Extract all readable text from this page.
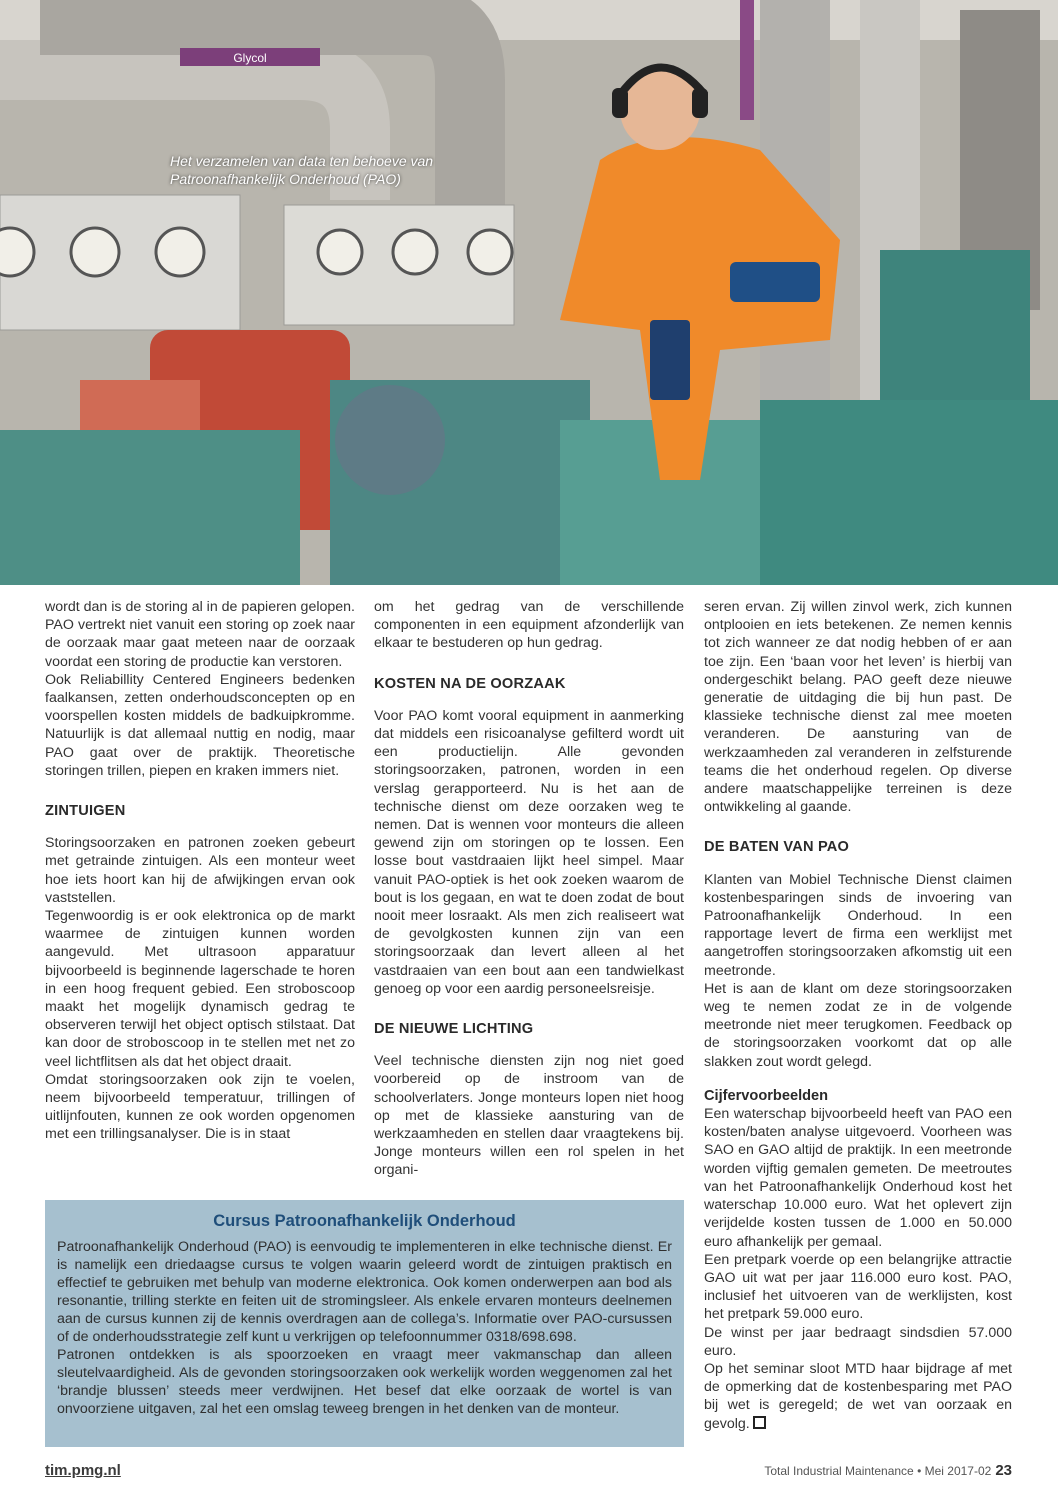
Glycol
Het verzamelen van data ten behoeve van
Patroonafhankelijk Onderhoud (PAO)

wordt dan is de storing al in de papieren gelopen. PAO vertrekt niet vanuit een storing op zoek naar de oorzaak maar gaat meteen naar de oorzaak voordat een storing de productie kan verstoren.

Ook Reliabillity Centered Engineers bedenken faalkansen, zetten onderhoudsconcepten op en voorspellen kosten middels de badkuipkromme. Natuurlijk is dat allemaal nuttig en nodig, maar PAO gaat over de praktijk. Theoretische storingen trillen, piepen en kraken immers niet.

ZINTUIGEN

Storingsoorzaken en patronen zoeken gebeurt met getrainde zintuigen. Als een monteur weet hoe iets hoort kan hij de afwijkingen ervan ook vaststellen.

Tegenwoordig is er ook elektronica op de markt waarmee de zintuigen kunnen worden aangevuld. Met ultrasoon apparatuur bijvoorbeeld is beginnende lagerschade te horen in een hoog frequent gebied. Een stroboscoop maakt het mogelijk dynamisch gedrag te observeren terwijl het object optisch stilstaat. Dat kan door de stroboscoop in te stellen met net zo veel lichtflitsen als dat het object draait.

Omdat storingsoorzaken ook zijn te voelen, neem bijvoorbeeld temperatuur, trillingen of uitlijnfouten, kunnen ze ook worden opgenomen met een trillingsanalyser. Die is in staat

om het gedrag van de verschillende componenten in een equipment afzonderlijk van elkaar te bestuderen op hun gedrag.

KOSTEN NA DE OORZAAK

Voor PAO komt vooral equipment in aanmerking dat middels een risicoanalyse gefilterd wordt uit een productielijn. Alle gevonden storingsoorzaken, patronen, worden in een verslag gerapporteerd. Nu is het aan de technische dienst om deze oorzaken weg te nemen. Dat is wennen voor monteurs die alleen gewend zijn om storingen op te lossen. Een losse bout vastdraaien lijkt heel simpel. Maar vanuit PAO-optiek is het ook zoeken waarom de bout is los gegaan, en wat te doen zodat de bout nooit meer losraakt. Als men zich realiseert wat de gevolgkosten kunnen zijn van een storingsoorzaak dan levert alleen al het vastdraaien van een bout aan een tandwielkast genoeg op voor een aardig personeelsreisje.

DE NIEUWE LICHTING

Veel technische diensten zijn nog niet goed voorbereid op de instroom van de schoolverlaters. Jonge monteurs lopen niet hoog op met de klassieke aansturing van de werkzaamheden en stellen daar vraagtekens bij. Jonge monteurs willen een rol spelen in het organi-

seren ervan. Zij willen zinvol werk, zich kunnen ontplooien en iets betekenen. Ze nemen kennis tot zich wanneer ze dat nodig hebben of er aan toe zijn. Een ‘baan voor het leven’ is hierbij van ondergeschikt belang. PAO geeft deze nieuwe generatie de uitdaging die bij hun past. De klassieke technische dienst zal mee moeten veranderen. De aansturing van de werkzaamheden zal veranderen in zelfsturende teams die het onderhoud regelen. Op diverse andere maatschappelijke terreinen is deze ontwikkeling al gaande.

DE BATEN VAN PAO

Klanten van Mobiel Technische Dienst claimen kostenbesparingen sinds de invoering van Patroonafhankelijk Onderhoud. In een rapportage levert de firma een werklijst met aangetroffen storingsoorzaken afkomstig uit een meetronde.

Het is aan de klant om deze storingsoorzaken weg te nemen zodat ze in de volgende meetronde niet meer terugkomen. Feedback op de storingsoorzaken voorkomt dat op alle slakken zout wordt gelegd.

Cijfervoorbeelden

Een waterschap bijvoorbeeld heeft van PAO een kosten/baten analyse uitgevoerd. Voorheen was SAO en GAO altijd de praktijk. In een meetronde worden vijftig gemalen gemeten. De meetroutes van het Patroonafhankelijk Onderhoud kost het waterschap 10.000 euro. Wat het oplevert zijn verijdelde kosten tussen de 1.000 en 50.000 euro afhankelijk per gemaal.

Een pretpark voerde op een belangrijke attractie GAO uit wat per jaar 116.000 euro kost. PAO, inclusief het uitvoeren van de werklijsten, kost het pretpark 59.000 euro.

De winst per jaar bedraagt sindsdien 57.000 euro.

Op het seminar sloot MTD haar bijdrage af met de opmerking dat de kostenbesparing met PAO bij wet is geregeld; de wet van oorzaak en gevolg.

Cursus Patroonafhankelijk Onderhoud

Patroonafhankelijk Onderhoud (PAO) is eenvoudig te implementeren in elke technische dienst. Er is namelijk een driedaagse cursus te volgen waarin geleerd wordt de zintuigen praktisch en effectief te gebruiken met behulp van moderne elektronica. Ook komen onderwerpen aan bod als resonantie, trilling sterkte en feiten uit de stromingsleer. Als enkele ervaren monteurs deelnemen aan de cursus kunnen zij de kennis overdragen aan de collega’s. Informatie over PAO-cursussen of de onderhoudsstrategie zelf kunt u verkrijgen op telefoonnummer 0318/698.698.

Patronen ontdekken is als spoorzoeken en vraagt meer vakmanschap dan alleen sleutelvaardigheid. Als de gevonden storingsoorzaken ook werkelijk worden weggenomen zal het ‘brandje blussen’ steeds meer verdwijnen. Het besef dat elke oorzaak de wortel is van onvoorziene uitgaven, zal het een omslag teweeg brengen in het denken van de monteur.

tim.pmg.nl	Total Industrial Maintenance • Mei 2017-02 23
